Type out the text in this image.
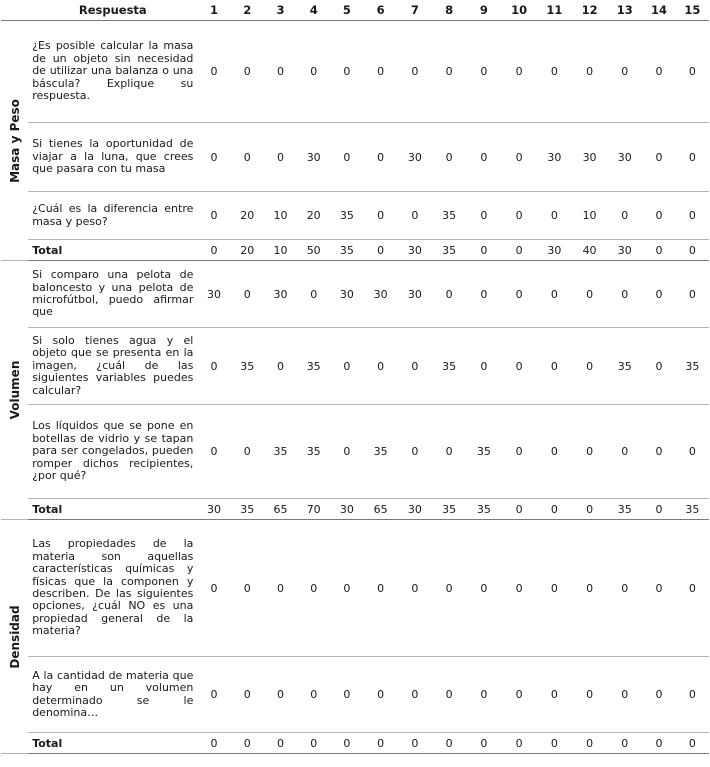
	Respuesta	1	2	3	4	5	6	7	8	9	10	11	12	13	14	15

Masa y Peso	¿Es posible calcular la masa de un objeto sin necesidad de utilizar una balanza o una báscula? Explique su respuesta.	0	0	0	0	0	0	0	0	0	0	0	0	0	0	0

	Si tienes la oportunidad de viajar a la luna, que crees que pasara con tu masa	0	0	0	30	0	0	30	0	0	0	30	30	30	0	0

	¿Cuál es la diferencia entre masa y peso?	0	20	10	20	35	0	0	35	0	0	0	10	0	0	0
	Total	0	20	10	50	35	0	30	35	0	0	30	40	30	0	0

Volumen	Si comparo una pelota de baloncesto y una pelota de microfútbol, puedo afirmar que	30	0	30	0	30	30	30	0	0	0	0	0	0	0	0

	Si solo tienes agua y el objeto que se presenta en la imagen, ¿cuál de las siguientes variables puedes calcular?	0	35	0	35	0	0	0	35	0	0	0	0	35	0	35

	Los líquidos que se pone en botellas de vidrio y se tapan para ser congelados, pueden romper dichos recipientes, ¿por qué?	0	0	35	35	0	35	0	0	35	0	0	0	0	0	0
	Total	30	35	65	70	30	65	30	35	35	0	0	0	35	0	35

Densidad	Las propiedades de la materia son aquellas características químicas y físicas que la componen y describen. De las siguientes opciones, ¿cuál NO es una propiedad general de la materia?	0	0	0	0	0	0	0	0	0	0	0	0	0	0	0

	A la cantidad de materia que hay en un volumen determinado se le denomina…	0	0	0	0	0	0	0	0	0	0	0	0	0	0	0
	Total	0	0	0	0	0	0	0	0	0	0	0	0	0	0	0
